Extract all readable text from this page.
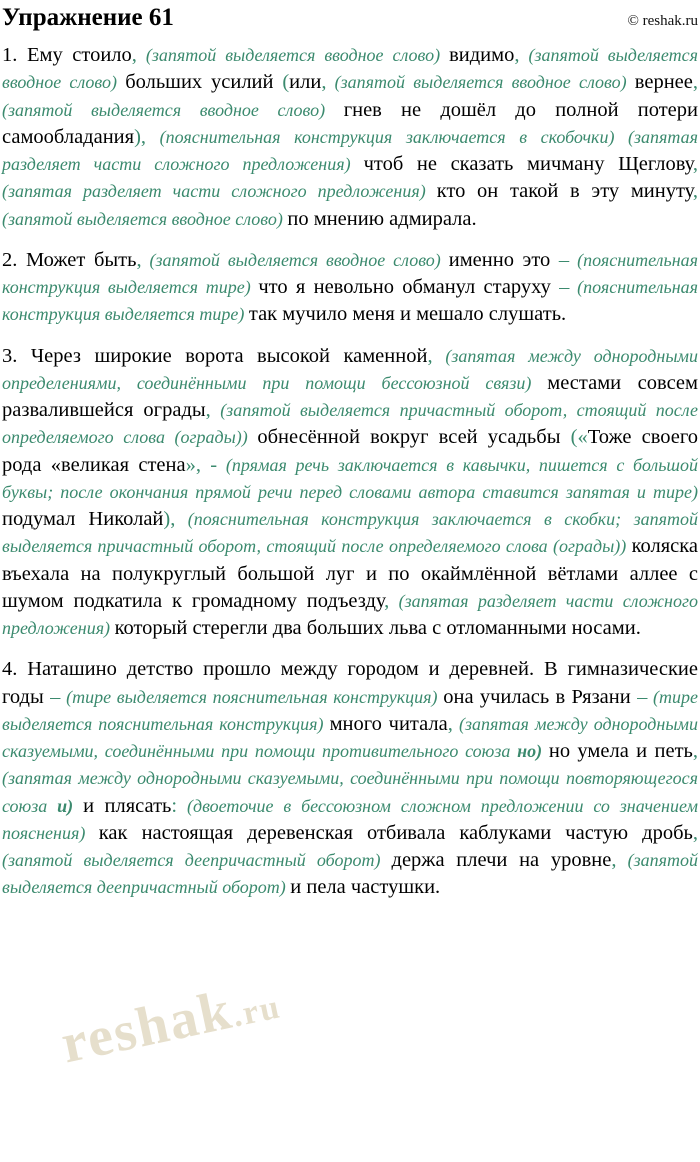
Упражнение 61	© reshak.ru

1. Ему стоило, (запятой выделяется вводное слово) видимо, (запятой выделяется вводное слово) больших усилий (или, (запятой выделяется вводное слово) вернее, (запятой выделяется вводное слово) гнев не дошёл до полной потери самообладания), (пояснительная конструкция заключается в скобочки) (запятая разделяет части сложного предложения) чтоб не сказать мичману Щеглову, (запятая разделяет части сложного предложения) кто он такой в эту минуту, (запятой выделяется вводное слово) по мнению адмирала.

2. Может быть, (запятой выделяется вводное слово) именно это – (пояснительная конструкция выделяется тире) что я невольно обманул старуху – (пояснительная конструкция выделяется тире) так мучило меня и мешало слушать.

3. Через широкие ворота высокой каменной, (запятая между однородными определениями, соединёнными при помощи бессоюзной связи) местами совсем развалившейся ограды, (запятой выделяется причастный оборот, стоящий после определяемого слова (ограды)) обнесённой вокруг всей усадьбы («Тоже своего рода «великая стена», - (прямая речь заключается в кавычки, пишется с большой буквы; после окончания прямой речи перед словами автора ставится запятая и тире) подумал Николай), (пояснительная конструкция заключается в скобки; запятой выделяется причастный оборот, стоящий после определяемого слова (ограды)) коляска въехала на полукруглый большой луг и по окаймлённой вётлами аллее с шумом подкатила к громадному подъезду, (запятая разделяет части сложного предложения) который стерегли два больших льва с отломанными носами.

4. Наташино детство прошло между городом и деревней. В гимназические годы – (тире выделяется пояснительная конструкция) она училась в Рязани – (тире выделяется пояснительная конструкция) много читала, (запятая между однородными сказуемыми, соединёнными при помощи противительного союза но) но умела и петь, (запятая между однородными сказуемыми, соединёнными при помощи повторяющегося союза и) и плясать: (двоеточие в бессоюзном сложном предложении со значением пояснения) как настоящая деревенская отбивала каблуками частую дробь, (запятой выделяется деепричастный оборот) держа плечи на уровне, (запятой выделяется деепричастный оборот) и пела частушки.

reshak.ru
